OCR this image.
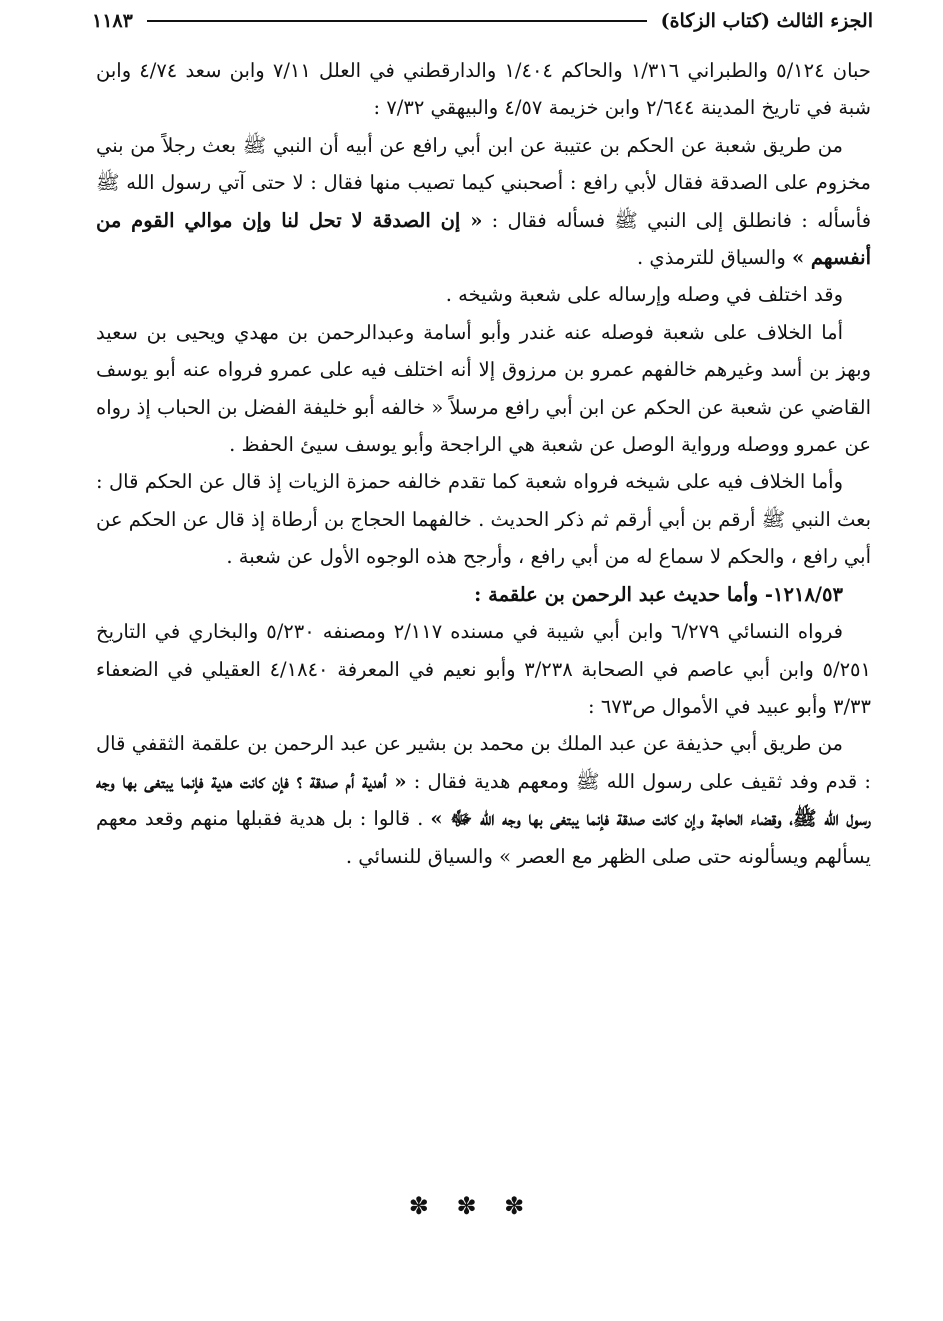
الجزء الثالث (كتاب الزكاة)
١١٨٣

حبان ٥/١٢٤ والطبراني ١/٣١٦ والحاكم ١/٤٠٤ والدارقطني في العلل ٧/١١ وابن سعد ٤/٧٤ وابن شبة في تاريخ المدينة ٢/٦٤٤ وابن خزيمة ٤/٥٧ والبيهقي ٧/٣٢ :

من طريق شعبة عن الحكم بن عتيبة عن ابن أبي رافع عن أبيه أن النبي ﷺ بعث رجلاً من بني مخزوم على الصدقة فقال لأبي رافع : أصحبني كيما تصيب منها فقال : لا حتى آتي رسول الله ﷺ فأسأله : فانطلق إلى النبي ﷺ فسأله فقال : « إن الصدقة لا تحل لنا وإن موالي القوم من أنفسهم » والسياق للترمذي .

وقد اختلف في وصله وإرساله على شعبة وشيخه .

أما الخلاف على شعبة فوصله عنه غندر وأبو أسامة وعبدالرحمن بن مهدي ويحيى بن سعيد وبهز بن أسد وغيرهم خالفهم عمرو بن مرزوق إلا أنه اختلف فيه على عمرو فرواه عنه أبو يوسف القاضي عن شعبة عن الحكم عن ابن أبي رافع مرسلاً « خالفه أبو خليفة الفضل بن الحباب إذ رواه عن عمرو ووصله ورواية الوصل عن شعبة هي الراجحة وأبو يوسف سيئ الحفظ .

وأما الخلاف فيه على شيخه فرواه شعبة كما تقدم خالفه حمزة الزيات إذ قال عن الحكم قال : بعث النبي ﷺ أرقم بن أبي أرقم ثم ذكر الحديث . خالفهما الحجاج بن أرطاة إذ قال عن الحكم عن أبي رافع ، والحكم لا سماع له من أبي رافع ، وأرجح هذه الوجوه الأول عن شعبة .

١٢١٨/٥٣- وأما حديث عبد الرحمن بن علقمة :

فرواه النسائي ٦/٢٧٩ وابن أبي شيبة في مسنده ٢/١١٧ ومصنفه ٥/٢٣٠ والبخاري في التاريخ ٥/٢٥١ وابن أبي عاصم في الصحابة ٣/٢٣٨ وأبو نعيم في المعرفة ٤/١٨٤٠ العقيلي في الضعفاء ٣/٣٣ وأبو عبيد في الأموال ص٦٧٣ :

من طريق أبي حذيفة عن عبد الملك بن محمد بن بشير عن عبد الرحمن بن علقمة الثقفي قال : قدم وفد ثقيف على رسول الله ﷺ ومعهم هدية فقال : « أهدية أم صدقة ؟ فإن كانت هدية فإنما يبتغى بها وجه رسول الله ﷺ، وقضاء الحاجة وإن كانت صدقة فإنما يبتغى بها وجه الله ﷻ » . قالوا : بل هدية فقبلها منهم وقعد معهم يسألهم ويسألونه حتى صلى الظهر مع العصر » والسياق للنسائي .

✽ ✽ ✽
